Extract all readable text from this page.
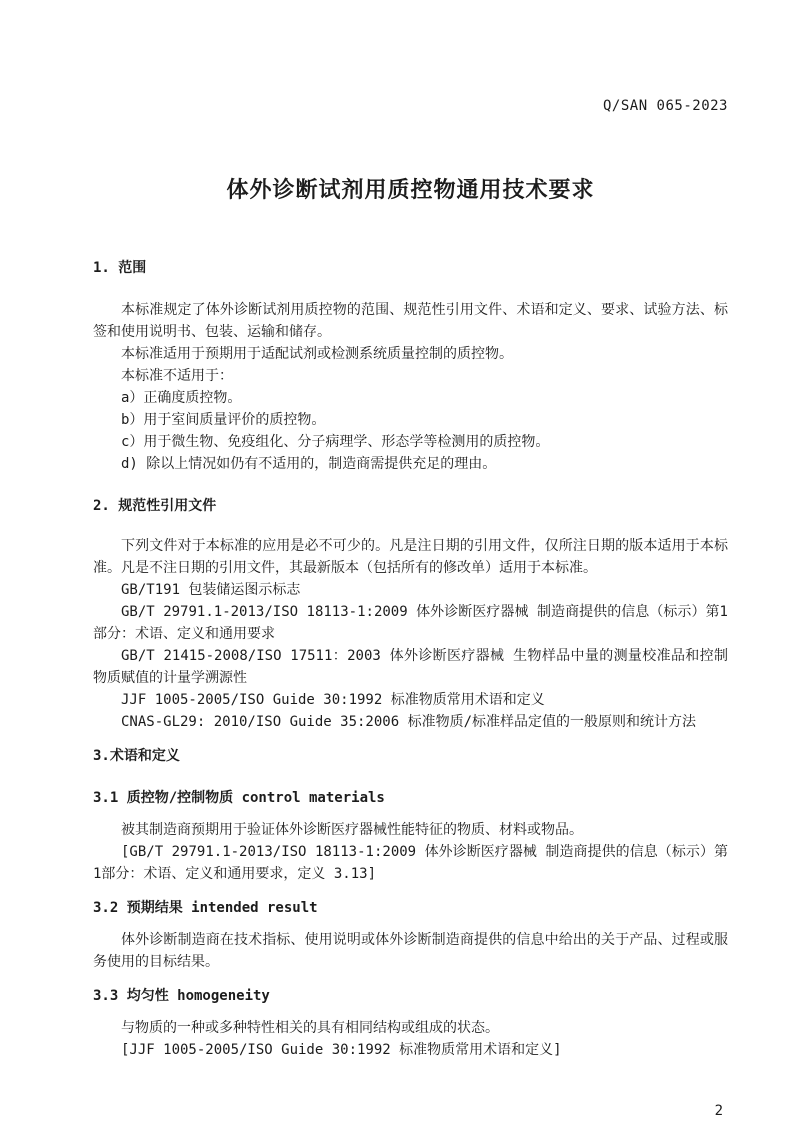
Q/SAN 065-2023
体外诊断试剂用质控物通用技术要求
1. 范围

本标准规定了体外诊断试剂用质控物的范围、规范性引用文件、术语和定义、要求、试验方法、标签和使用说明书、包装、运输和储存。

本标准适用于预期用于适配试剂或检测系统质量控制的质控物。

本标准不适用于：

a）正确度质控物。

b）用于室间质量评价的质控物。

c）用于微生物、免疫组化、分子病理学、形态学等检测用的质控物。

d) 除以上情况如仍有不适用的，制造商需提供充足的理由。

2. 规范性引用文件

下列文件对于本标准的应用是必不可少的。凡是注日期的引用文件，仅所注日期的版本适用于本标准。凡是不注日期的引用文件，其最新版本（包括所有的修改单）适用于本标准。

GB/T191 包装储运图示标志

GB/T 29791.1-2013/ISO 18113-1:2009 体外诊断医疗器械 制造商提供的信息（标示）第1部分：术语、定义和通用要求

GB/T 21415-2008/ISO 17511：2003 体外诊断医疗器械 生物样品中量的测量校准品和控制物质赋值的计量学溯源性

JJF 1005-2005/ISO Guide 30:1992 标准物质常用术语和定义

CNAS-GL29: 2010/ISO Guide 35:2006 标准物质/标准样品定值的一般原则和统计方法

3.术语和定义
3.1 质控物/控制物质 control materials

被其制造商预期用于验证体外诊断医疗器械性能特征的物质、材料或物品。

[GB/T 29791.1-2013/ISO 18113-1:2009 体外诊断医疗器械 制造商提供的信息（标示）第1部分：术语、定义和通用要求，定义 3.13]

3.2 预期结果 intended result

体外诊断制造商在技术指标、使用说明或体外诊断制造商提供的信息中给出的关于产品、过程或服务使用的目标结果。

3.3 均匀性 homogeneity

与物质的一种或多种特性相关的具有相同结构或组成的状态。

[JJF 1005-2005/ISO Guide 30:1992 标准物质常用术语和定义]

2
